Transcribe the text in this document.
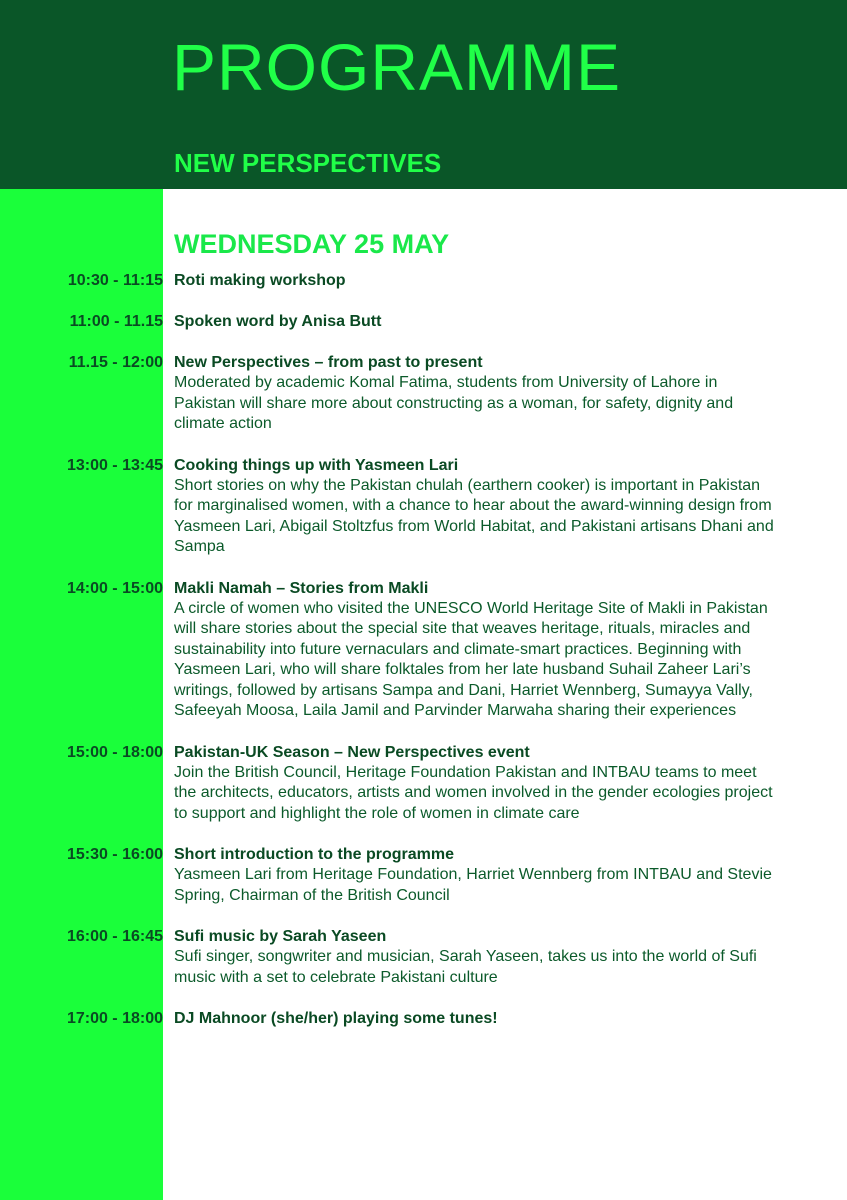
PROGRAMME
NEW PERSPECTIVES
WEDNESDAY 25 MAY
10:30 - 11:15 Roti making workshop
11:00 - 11.15 Spoken word by Anisa Butt
11.15 - 12:00 New Perspectives – from past to present
Moderated by academic Komal Fatima, students from University of Lahore in Pakistan will share more about constructing as a woman, for safety, dignity and climate action
13:00 - 13:45 Cooking things up with Yasmeen Lari
Short stories on why the Pakistan chulah (earthern cooker) is important in Pakistan for marginalised women, with a chance to hear about the award-winning design from Yasmeen Lari, Abigail Stoltzfus from World Habitat, and Pakistani artisans Dhani and Sampa
14:00 - 15:00 Makli Namah – Stories from Makli
A circle of women who visited the UNESCO World Heritage Site of Makli in Pakistan will share stories about the special site that weaves heritage, rituals, miracles and sustainability into future vernaculars and climate-smart practices. Beginning with Yasmeen Lari, who will share folktales from her late husband Suhail Zaheer Lari’s writings, followed by artisans Sampa and Dani, Harriet Wennberg, Sumayya Vally, Safeeyah Moosa, Laila Jamil and Parvinder Marwaha sharing their experiences
15:00 - 18:00 Pakistan-UK Season – New Perspectives event
Join the British Council, Heritage Foundation Pakistan and INTBAU teams to meet the architects, educators, artists and women involved in the gender ecologies project to support and highlight the role of women in climate care
15:30 - 16:00 Short introduction to the programme
Yasmeen Lari from Heritage Foundation, Harriet Wennberg from INTBAU and Stevie Spring, Chairman of the British Council
16:00 - 16:45 Sufi music by Sarah Yaseen
Sufi singer, songwriter and musician, Sarah Yaseen, takes us into the world of Sufi music with a set to celebrate Pakistani culture
17:00 - 18:00 DJ Mahnoor (she/her) playing some tunes!
